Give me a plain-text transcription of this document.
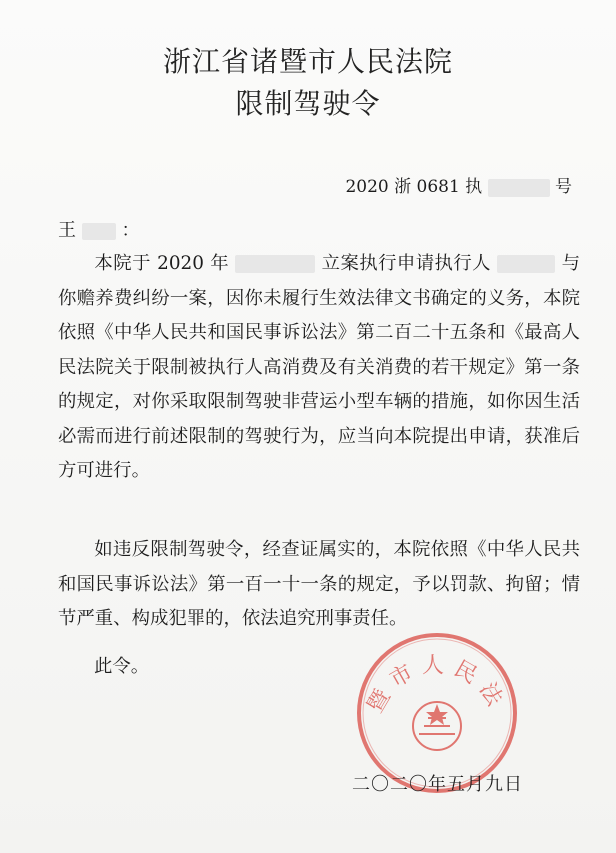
浙江省诸暨市人民法院
限制驾驶令
2020 浙 0681 执	号
王	：
本院于 2020 年	立案执行申请执行人	与你赡养费纠纷一案，因你未履行生效法律文书确定的义务，本院依照《中华人民共和国民事诉讼法》第二百二十五条和《最高人民法院关于限制被执行人高消费及有关消费的若干规定》第一条的规定，对你采取限制驾驶非营运小型车辆的措施，如你因生活必需而进行前述限制的驾驶行为，应当向本院提出申请，获准后方可进行。
如违反限制驾驶令，经查证属实的，本院依照《中华人民共和国民事诉讼法》第一百一十一条的规定，予以罚款、拘留；情节严重、构成犯罪的，依法追究刑事责任。
此令。
暨市人民法
二〇二〇年五月九日
